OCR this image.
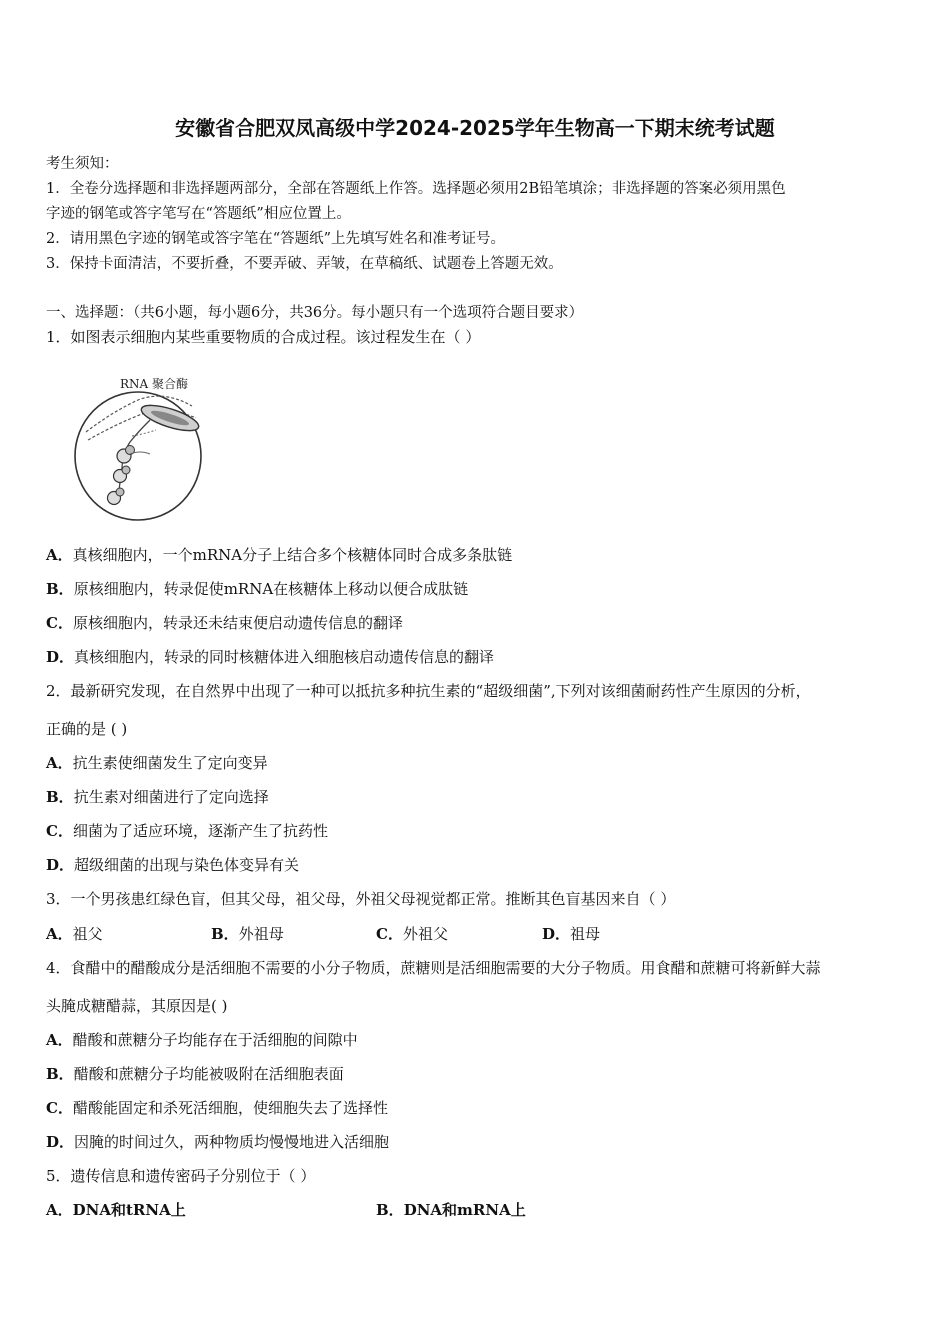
安徽省合肥双凤高级中学2024-2025学年生物高一下期末统考试题
考生须知：
1．全卷分选择题和非选择题两部分，全部在答题纸上作答。选择题必须用2B铅笔填涂；非选择题的答案必须用黑色
字迹的钢笔或答字笔写在“答题纸”相应位置上。
2．请用黑色字迹的钢笔或答字笔在“答题纸”上先填写姓名和准考证号。
3．保持卡面清洁，不要折叠，不要弄破、弄皱，在草稿纸、试题卷上答题无效。
一、选择题：（共6小题，每小题6分，共36分。每小题只有一个选项符合题目要求）
1．如图表示细胞内某些重要物质的合成过程。该过程发生在（ ）
RNA 聚合酶
A．真核细胞内，一个mRNA分子上结合多个核糖体同时合成多条肽链
B．原核细胞内，转录促使mRNA在核糖体上移动以便合成肽链
C．原核细胞内，转录还未结束便启动遗传信息的翻译
D．真核细胞内，转录的同时核糖体进入细胞核启动遗传信息的翻译
2．最新研究发现，在自然界中出现了一种可以抵抗多种抗生素的“超级细菌”,下列对该细菌耐药性产生原因的分析，
正确的是 ( )
A．抗生素使细菌发生了定向变异
B．抗生素对细菌进行了定向选择
C．细菌为了适应环境，逐渐产生了抗药性
D．超级细菌的出现与染色体变异有关
3．一个男孩患红绿色盲，但其父母，祖父母，外祖父母视觉都正常。推断其色盲基因来自（ ）
A．祖父	B．外祖母	C．外祖父	D．祖母
4．食醋中的醋酸成分是活细胞不需要的小分子物质，蔗糖则是活细胞需要的大分子物质。用食醋和蔗糖可将新鲜大蒜
头腌成糖醋蒜，其原因是( )
A．醋酸和蔗糖分子均能存在于活细胞的间隙中
B．醋酸和蔗糖分子均能被吸附在活细胞表面
C．醋酸能固定和杀死活细胞，使细胞失去了选择性
D．因腌的时间过久，两种物质均慢慢地进入活细胞
5．遗传信息和遗传密码子分别位于（ ）
A．DNA和tRNA上	B．DNA和mRNA上
